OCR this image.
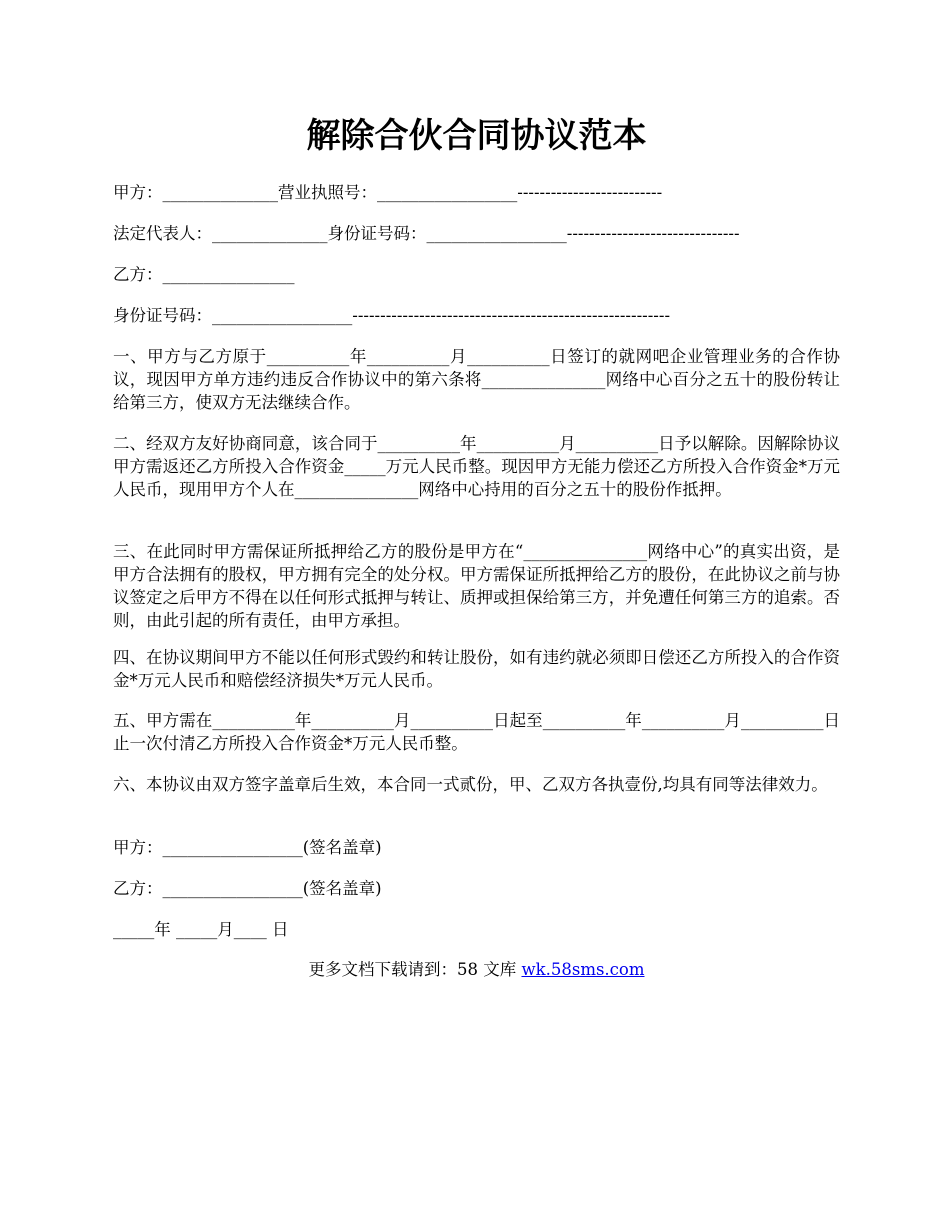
解除合伙合同协议范本
甲方：______________营业执照号：_________________--------------------------
法定代表人：______________身份证号码：_________________-------------------------------
乙方：________________
身份证号码：_________________---------------------------------------------------------
一、甲方与乙方原于__________年__________月__________日签订的就网吧企业管理业务的合作协议，现因甲方单方违约违反合作协议中的第六条将_______________网络中心百分之五十的股份转让给第三方，使双方无法继续合作。
二、经双方友好协商同意，该合同于__________年__________月__________日予以解除。因解除协议甲方需返还乙方所投入合作资金_____万元人民币整。现因甲方无能力偿还乙方所投入合作资金*万元人民币，现用甲方个人在_______________网络中心持用的百分之五十的股份作抵押。
三、在此同时甲方需保证所抵押给乙方的股份是甲方在“_______________网络中心”的真实出资，是甲方合法拥有的股权，甲方拥有完全的处分权。甲方需保证所抵押给乙方的股份，在此协议之前与协议签定之后甲方不得在以任何形式抵押与转让、质押或担保给第三方，并免遭任何第三方的追索。否则，由此引起的所有责任，由甲方承担。
四、在协议期间甲方不能以任何形式毁约和转让股份，如有违约就必须即日偿还乙方所投入的合作资金*万元人民币和赔偿经济损失*万元人民币。
五、甲方需在__________年__________月__________日起至__________年__________月__________日止一次付清乙方所投入合作资金*万元人民币整。
六、本协议由双方签字盖章后生效，本合同一式贰份，甲、乙双方各执壹份,均具有同等法律效力。
甲方：_________________(签名盖章)
乙方：_________________(签名盖章)
_____年 _____月____ 日
更多文档下载请到：58 文库 wk.58sms.com
